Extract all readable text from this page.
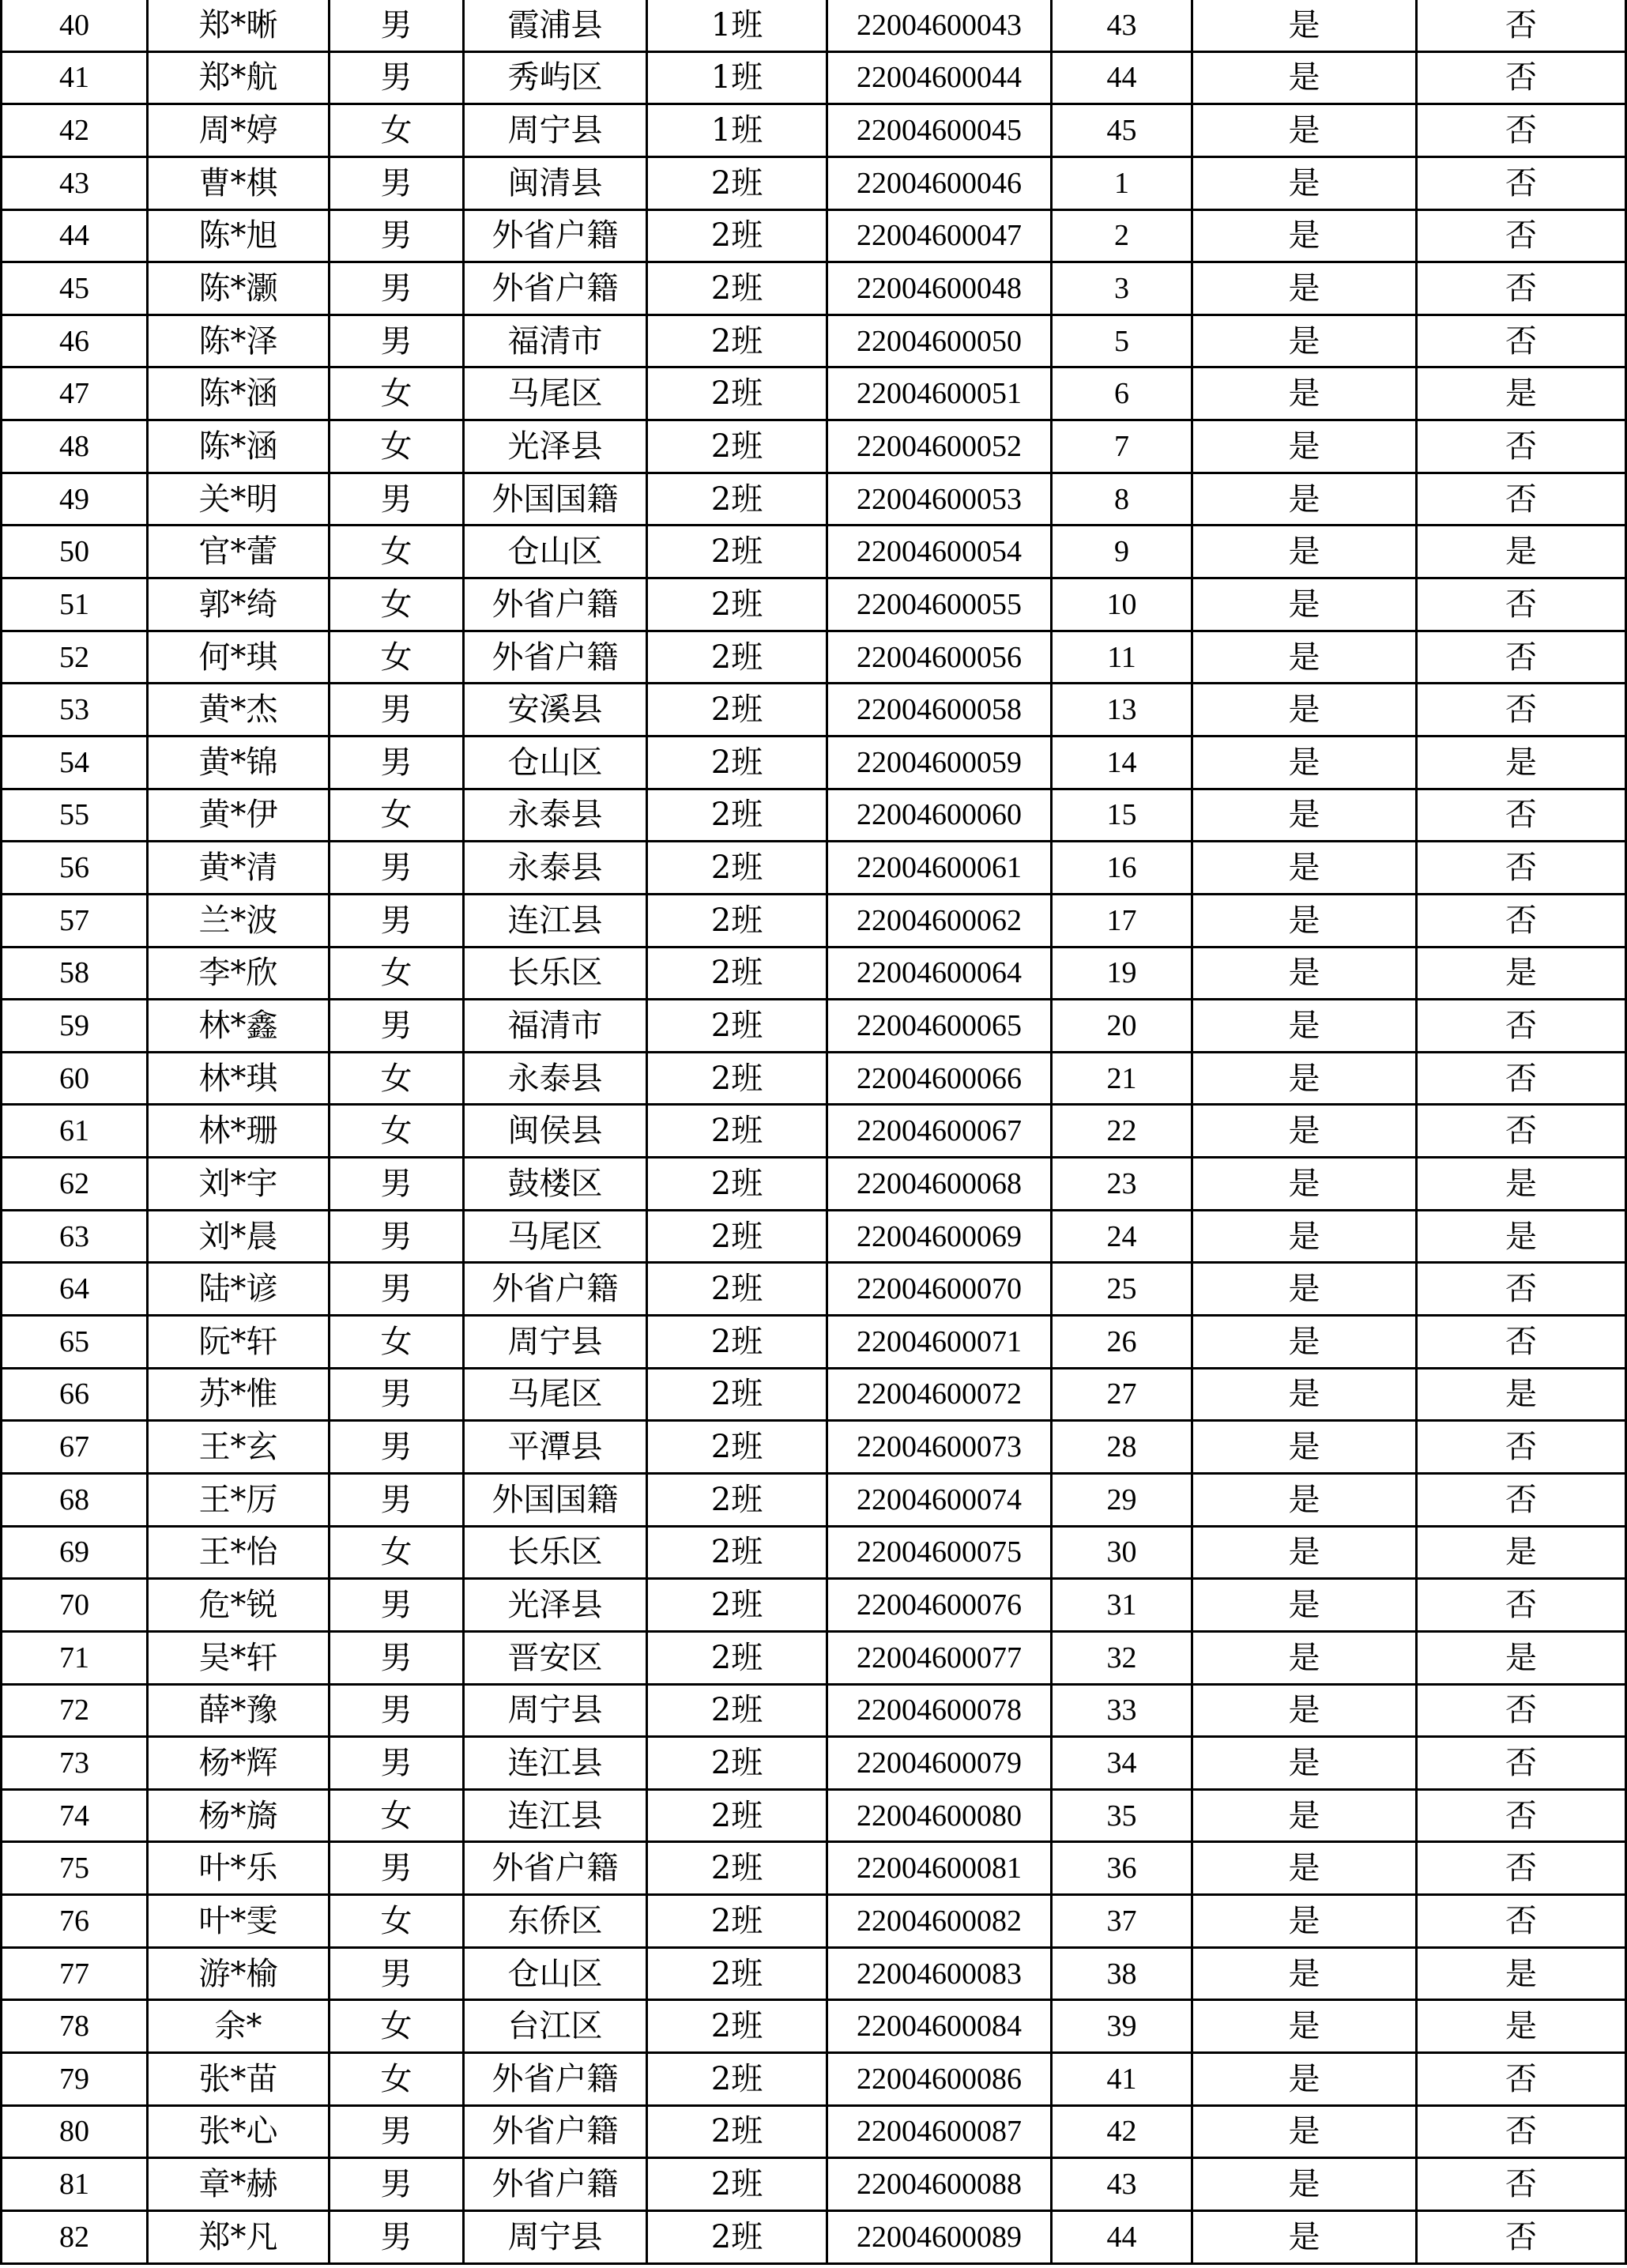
40	郑*晰	男	霞浦县	1班	22004600043	43	是	否
41	郑*航	男	秀屿区	1班	22004600044	44	是	否
42	周*婷	女	周宁县	1班	22004600045	45	是	否
43	曹*棋	男	闽清县	2班	22004600046	1	是	否
44	陈*旭	男	外省户籍	2班	22004600047	2	是	否
45	陈*灏	男	外省户籍	2班	22004600048	3	是	否
46	陈*泽	男	福清市	2班	22004600050	5	是	否
47	陈*涵	女	马尾区	2班	22004600051	6	是	是
48	陈*涵	女	光泽县	2班	22004600052	7	是	否
49	关*明	男	外国国籍	2班	22004600053	8	是	否
50	官*蕾	女	仓山区	2班	22004600054	9	是	是
51	郭*绮	女	外省户籍	2班	22004600055	10	是	否
52	何*琪	女	外省户籍	2班	22004600056	11	是	否
53	黄*杰	男	安溪县	2班	22004600058	13	是	否
54	黄*锦	男	仓山区	2班	22004600059	14	是	是
55	黄*伊	女	永泰县	2班	22004600060	15	是	否
56	黄*清	男	永泰县	2班	22004600061	16	是	否
57	兰*波	男	连江县	2班	22004600062	17	是	否
58	李*欣	女	长乐区	2班	22004600064	19	是	是
59	林*鑫	男	福清市	2班	22004600065	20	是	否
60	林*琪	女	永泰县	2班	22004600066	21	是	否
61	林*珊	女	闽侯县	2班	22004600067	22	是	否
62	刘*宇	男	鼓楼区	2班	22004600068	23	是	是
63	刘*晨	男	马尾区	2班	22004600069	24	是	是
64	陆*谚	男	外省户籍	2班	22004600070	25	是	否
65	阮*轩	女	周宁县	2班	22004600071	26	是	否
66	苏*惟	男	马尾区	2班	22004600072	27	是	是
67	王*玄	男	平潭县	2班	22004600073	28	是	否
68	王*厉	男	外国国籍	2班	22004600074	29	是	否
69	王*怡	女	长乐区	2班	22004600075	30	是	是
70	危*锐	男	光泽县	2班	22004600076	31	是	否
71	吴*轩	男	晋安区	2班	22004600077	32	是	是
72	薛*豫	男	周宁县	2班	22004600078	33	是	否
73	杨*辉	男	连江县	2班	22004600079	34	是	否
74	杨*旖	女	连江县	2班	22004600080	35	是	否
75	叶*乐	男	外省户籍	2班	22004600081	36	是	否
76	叶*雯	女	东侨区	2班	22004600082	37	是	否
77	游*榆	男	仓山区	2班	22004600083	38	是	是
78	余*	女	台江区	2班	22004600084	39	是	是
79	张*苗	女	外省户籍	2班	22004600086	41	是	否
80	张*心	男	外省户籍	2班	22004600087	42	是	否
81	章*赫	男	外省户籍	2班	22004600088	43	是	否
82	郑*凡	男	周宁县	2班	22004600089	44	是	否
